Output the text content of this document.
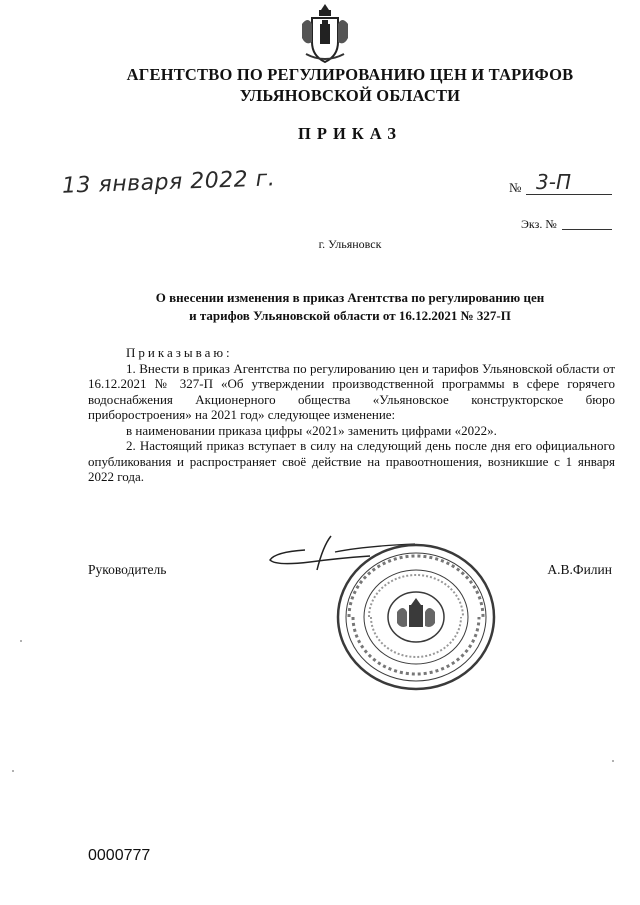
АГЕНТСТВО ПО РЕГУЛИРОВАНИЮ ЦЕН И ТАРИФОВ
УЛЬЯНОВСКОЙ ОБЛАСТИ
ПРИКАЗ
13 января 2022 г.	№ 3-П
Экз. №
г. Ульяновск
О внесении изменения в приказ Агентства по регулированию цен
и тарифов Ульяновской области от 16.12.2021 № 327-П

Приказываю:

1. Внести в приказ Агентства по регулированию цен и тарифов Ульяновской области от 16.12.2021 № 327-П «Об утверждении производственной программы в сфере горячего водоснабжения Акционерного общества «Ульяновское конструкторское бюро приборостроения» на 2021 год» следующее изменение:

в наименовании приказа цифры «2021» заменить цифрами «2022».

2. Настоящий приказ вступает в силу на следующий день после дня его официального опубликования и распространяет своё действие на правоотношения, возникшие с 1 января 2022 года.

Руководитель	А.В.Филин
0000777
